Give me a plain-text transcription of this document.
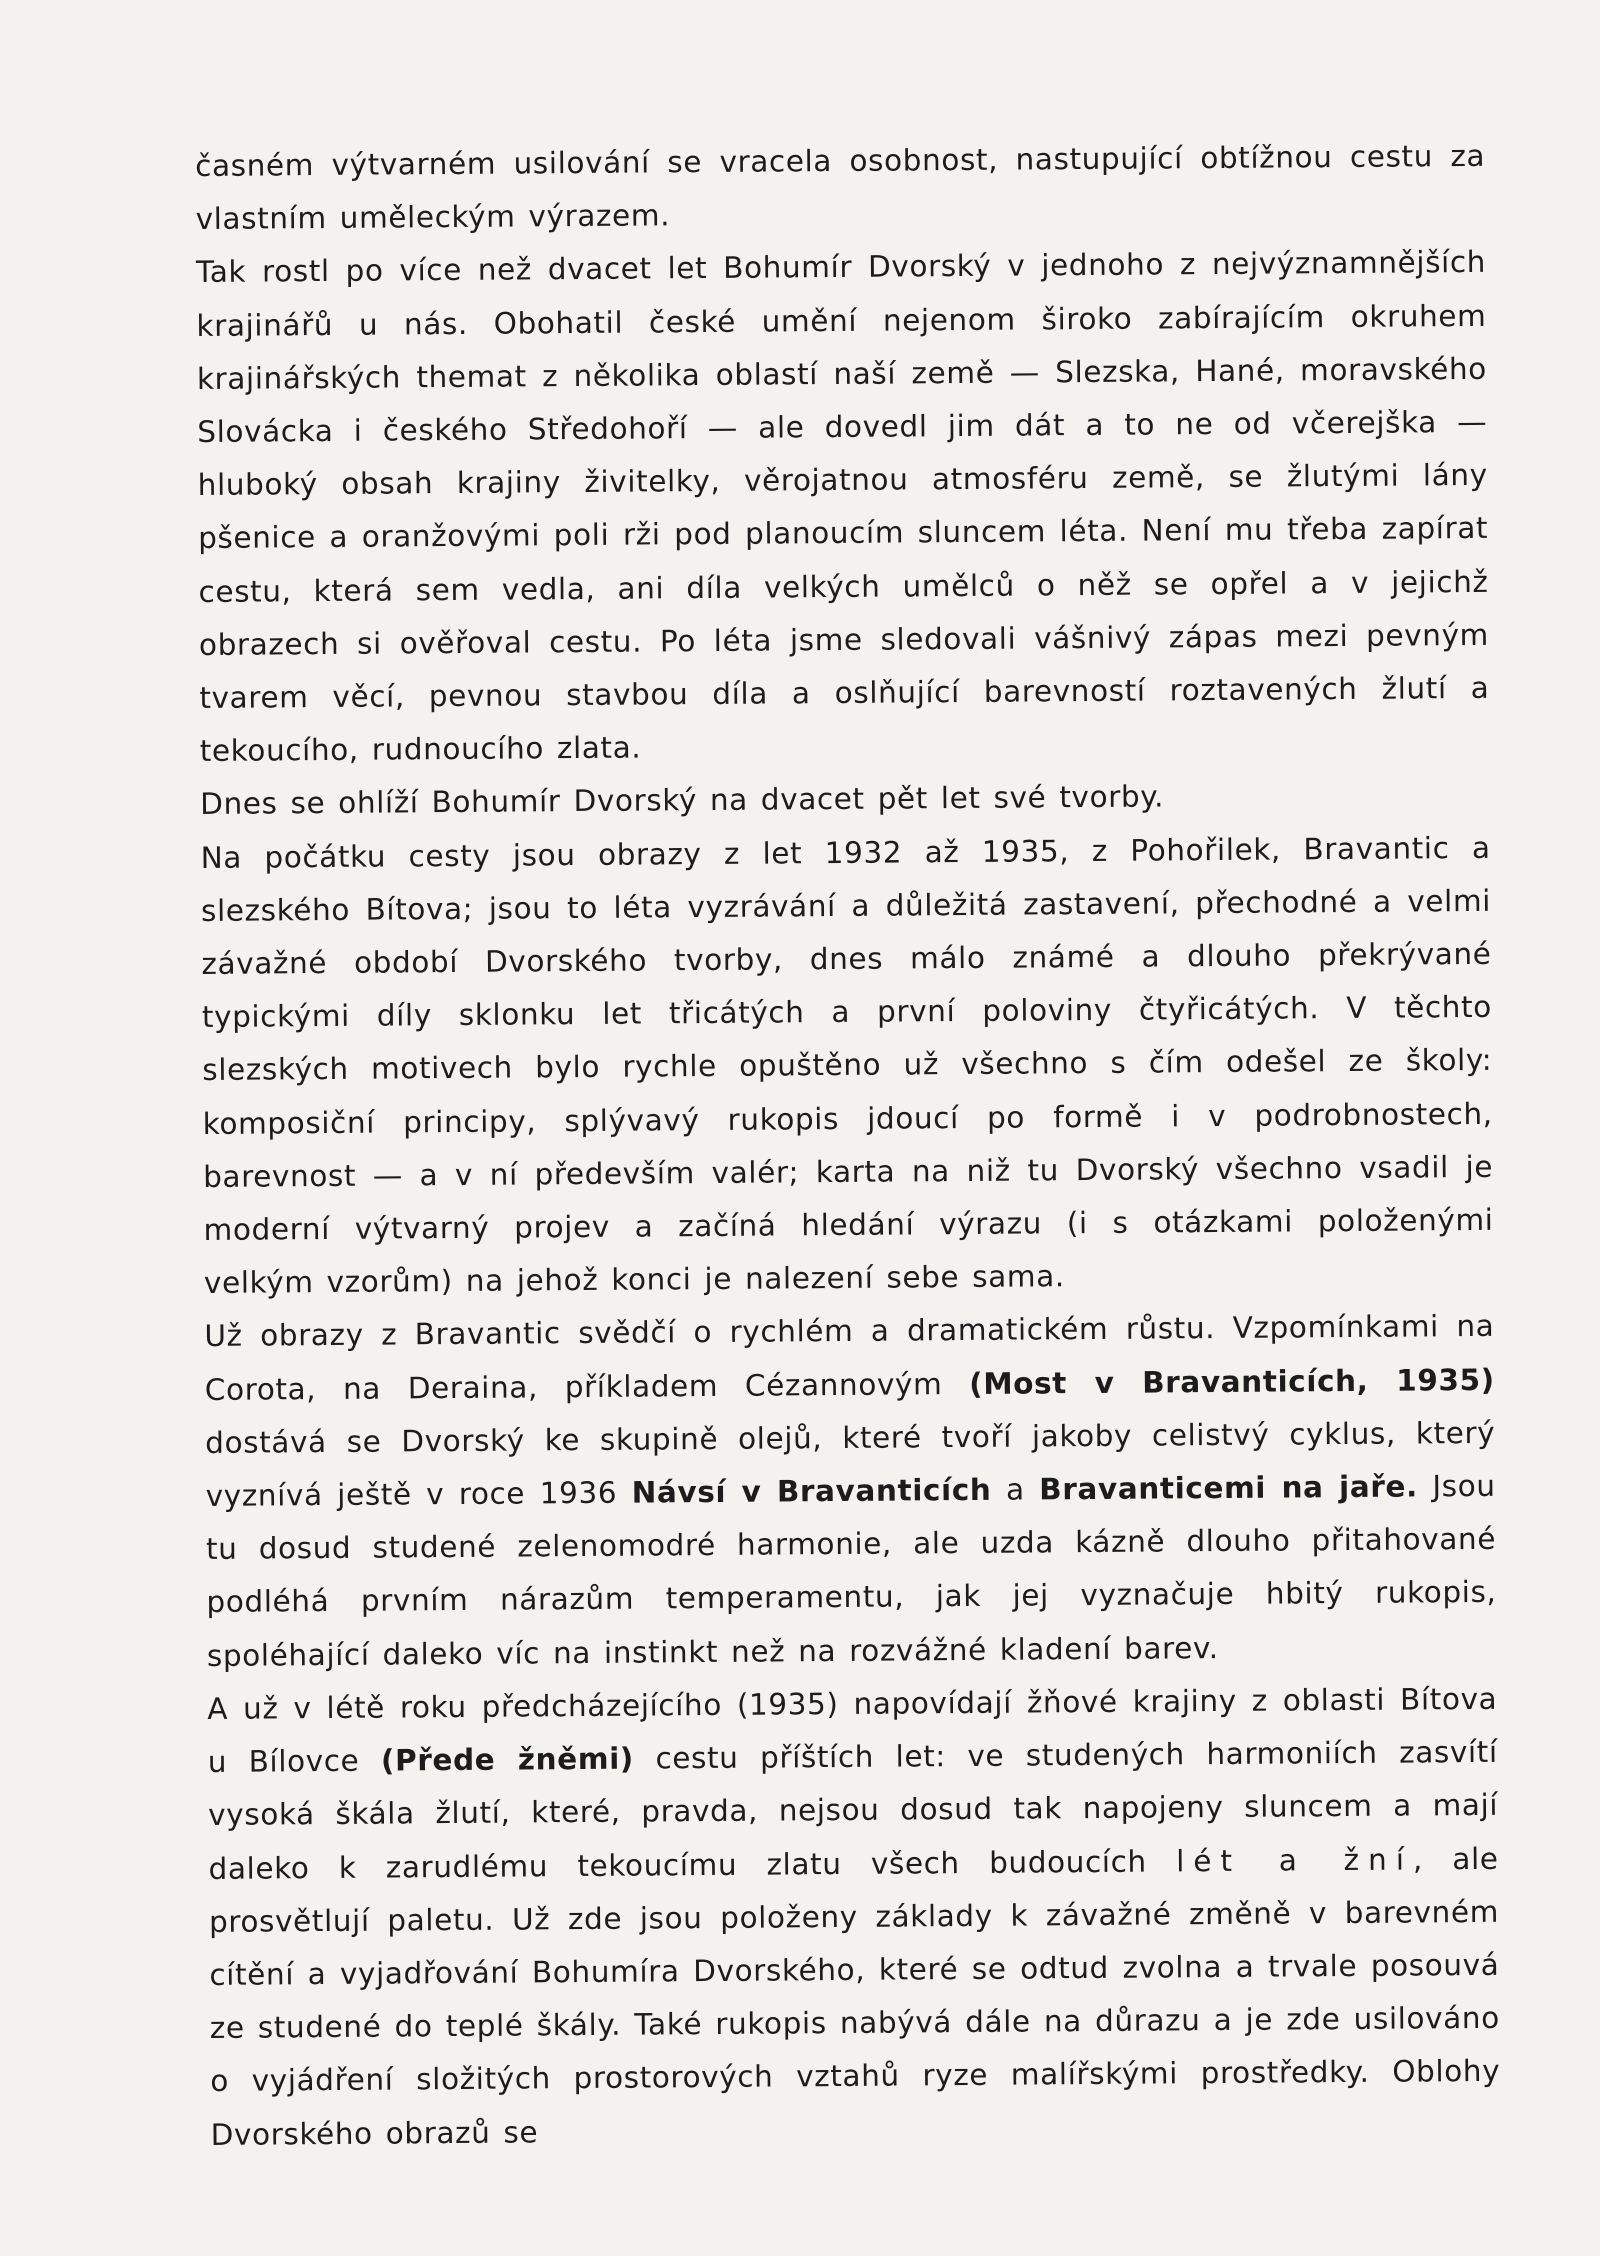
časném výtvarném usilování se vracela osobnost, nastupující obtížnou cestu za vlastním uměleckým výrazem.

Tak rostl po více než dvacet let Bohumír Dvorský v jednoho z nejvýznamnějších krajinářů u nás. Obohatil české umění nejenom široko zabírajícím okruhem krajinářských themat z několika oblastí naší země — Slezska, Hané, moravského Slovácka i českého Středohoří — ale dovedl jim dát a to ne od včerejška — hluboký obsah krajiny živitelky, věrojatnou atmosféru země, se žlutými lány pšenice a oranžovými poli rži pod planoucím sluncem léta. Není mu třeba zapírat cestu, která sem vedla, ani díla velkých umělců o něž se opřel a v jejichž obrazech si ověřoval cestu. Po léta jsme sledovali vášnivý zápas mezi pevným tvarem věcí, pevnou stavbou díla a oslňující barevností roztavených žlutí a tekoucího, rudnoucího zlata.

Dnes se ohlíží Bohumír Dvorský na dvacet pět let své tvorby.

Na počátku cesty jsou obrazy z let 1932 až 1935, z Pohořilek, Bravantic a slezského Bítova; jsou to léta vyzrávání a důležitá zastavení, přechodné a velmi závažné období Dvorského tvorby, dnes málo známé a dlouho překrývané typickými díly sklonku let třicátých a první poloviny čtyřicátých. V těchto slezských motivech bylo rychle opuštěno už všechno s čím odešel ze školy: komposiční principy, splývavý rukopis jdoucí po formě i v podrobnostech, barevnost — a v ní především valér; karta na niž tu Dvorský všechno vsadil je moderní výtvarný projev a začíná hledání výrazu (i s otázkami položenými velkým vzorům) na jehož konci je nalezení sebe sama.

Už obrazy z Bravantic svědčí o rychlém a dramatickém růstu. Vzpomínkami na Corota, na Deraina, příkladem Cézannovým (Most v Bravanticích, 1935) dostává se Dvorský ke skupině olejů, které tvoří jakoby celistvý cyklus, který vyznívá ještě v roce 1936 Návsí v Bravanticích a Bravanticemi na jaře. Jsou tu dosud studené zelenomodré harmonie, ale uzda kázně dlouho přitahované podléhá prvním nárazům temperamentu, jak jej vyznačuje hbitý rukopis, spoléhající daleko víc na instinkt než na rozvážné kladení barev.

A už v létě roku předcházejícího (1935) napovídají žňové krajiny z oblasti Bítova u Bílovce (Přede žněmi) cestu příštích let: ve studených harmoniích zasvítí vysoká škála žlutí, které, pravda, nejsou dosud tak napojeny sluncem a mají daleko k zarudlému tekoucímu zlatu všech budoucích lét a žní, ale prosvětlují paletu. Už zde jsou položeny základy k závažné změně v barevném cítění a vyjadřování Bohumíra Dvorského, které se odtud zvolna a trvale posouvá ze studené do teplé škály. Také rukopis nabývá dále na důrazu a je zde usilováno o vyjádření složitých prostorových vztahů ryze malířskými prostředky. Oblohy Dvorského obrazů se
